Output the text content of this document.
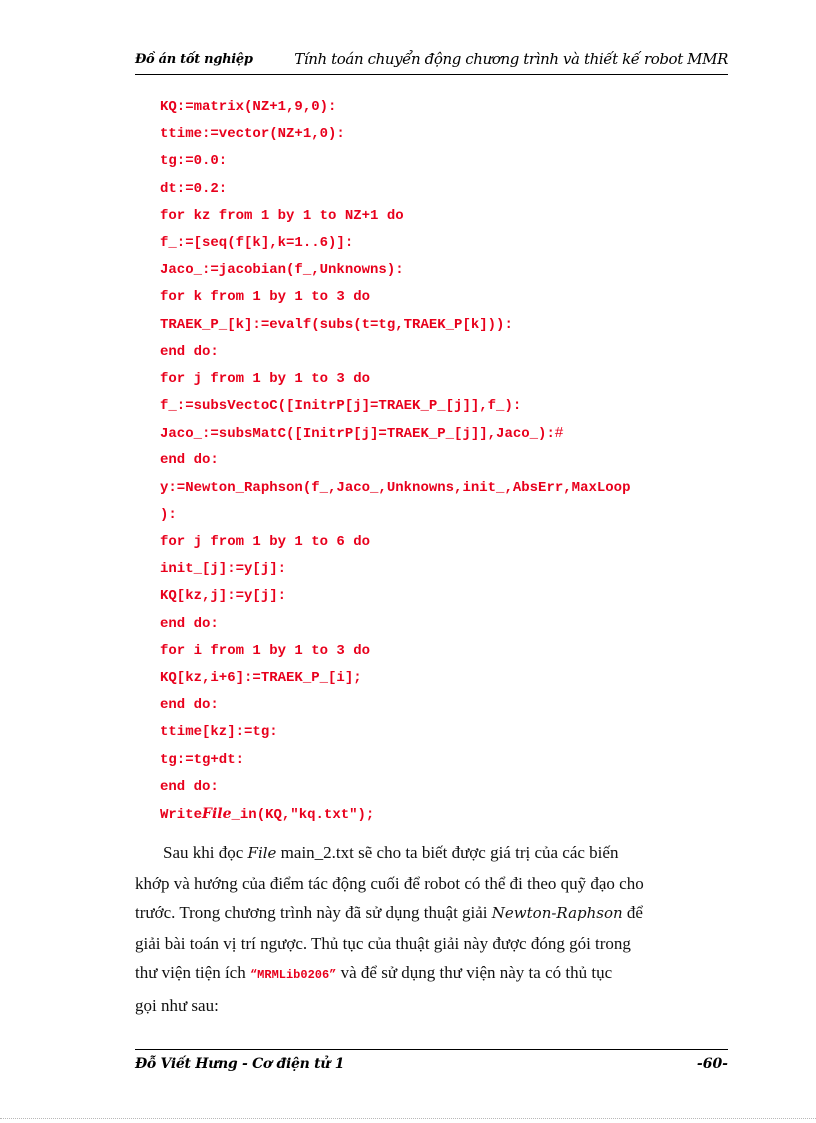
Đồ án tốt nghiệp	Tính toán chuyển động chương trình và thiết kế robot MMR
KQ:=matrix(NZ+1,9,0):
ttime:=vector(NZ+1,0):
tg:=0.0:
dt:=0.2:
for kz from 1 by 1 to NZ+1 do
f_:=[seq(f[k],k=1..6)]:
Jaco_:=jacobian(f_,Unknowns):
for k from 1 by 1 to 3 do
TRAEK_P_[k]:=evalf(subs(t=tg,TRAEK_P[k])):
end do:
for j from 1 by 1 to 3 do
f_:=subsVectoC([InitrP[j]=TRAEK_P_[j]],f_):
Jaco_:=subsMatC([InitrP[j]=TRAEK_P_[j]],Jaco_):#
end do:
y:=Newton_Raphson(f_,Jaco_,Unknowns,init_,AbsErr,MaxLoop
):
for j from 1 by 1 to 6 do
init_[j]:=y[j]:
KQ[kz,j]:=y[j]:
end do:
for i from 1 by 1 to 3 do
KQ[kz,i+6]:=TRAEK_P_[i];
end do:
ttime[kz]:=tg:
tg:=tg+dt:
end do:
WriteFile_in(KQ,"kq.txt");

Sau khi đọc File main_2.txt sẽ cho ta biết được giá trị của các biến

khớp và hướng của điểm tác động cuối để robot có thể đi theo quỹ đạo cho

trước. Trong chương trình này đã sử dụng thuật giải Newton-Raphson để

giải bài toán vị trí ngược. Thủ tục của thuật giải này được đóng gói trong

thư viện tiện ích “MRMLib0206” và để sử dụng thư viện này ta có thủ tục

gọi như sau:

Đỗ Viết Hưng - Cơ điện tử 1	-60-
